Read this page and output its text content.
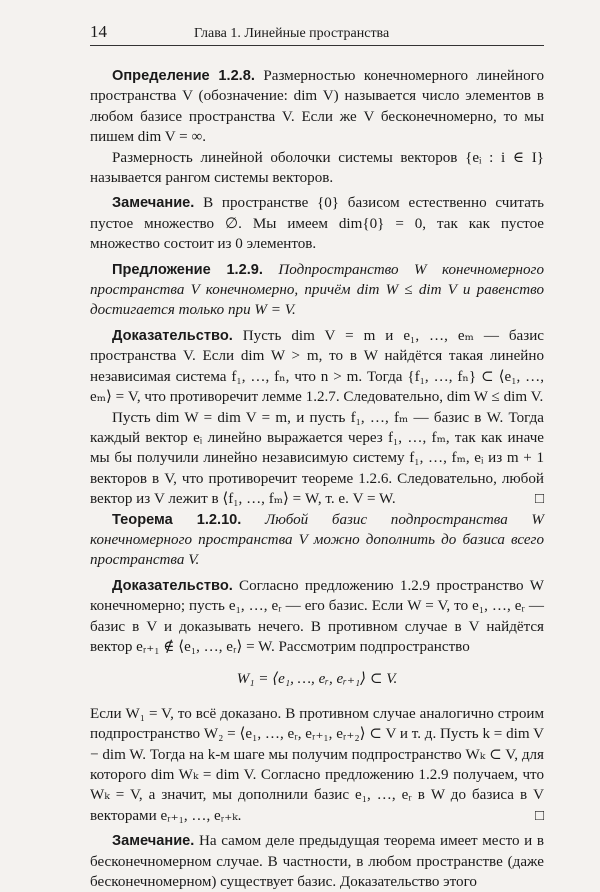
14	Глава 1. Линейные пространства

Определение 1.2.8. Размерностью конечномерного линейного пространства V (обозначение: dim V) называется число элементов в любом базисе пространства V. Если же V бесконечномерно, то мы пишем dim V = ∞.

Размерность линейной оболочки системы векторов {eᵢ : i ∈ I} называется рангом системы векторов.

Замечание. В пространстве {0} базисом естественно считать пустое множество ∅. Мы имеем dim{0} = 0, так как пустое множество состоит из 0 элементов.

Предложение 1.2.9. Подпространство W конечномерного пространства V конечномерно, причём dim W ≤ dim V и равенство достигается только при W = V.

Доказательство. Пусть dim V = m и e₁, …, eₘ — базис пространства V. Если dim W > m, то в W найдётся такая линейно независимая система f₁, …, fₙ, что n > m. Тогда {f₁, …, fₙ} ⊂ ⟨e₁, …, eₘ⟩ = V, что противоречит лемме 1.2.7. Следовательно, dim W ≤ dim V.

Пусть dim W = dim V = m, и пусть f₁, …, fₘ — базис в W. Тогда каждый вектор eᵢ линейно выражается через f₁, …, fₘ, так как иначе мы бы получили линейно независимую систему f₁, …, fₘ, eᵢ из m + 1 векторов в V, что противоречит теореме 1.2.6. Следовательно, любой вектор из V лежит в ⟨f₁, …, fₘ⟩ = W, т. е. V = W.	□

Теорема 1.2.10. Любой базис подпространства W конечномерного пространства V можно дополнить до базиса всего пространства V.

Доказательство. Согласно предложению 1.2.9 пространство W конечномерно; пусть e₁, …, eᵣ — его базис. Если W = V, то e₁, …, eᵣ — базис в V и доказывать нечего. В противном случае в V найдётся вектор eᵣ₊₁ ∉ ⟨e₁, …, eᵣ⟩ = W. Рассмотрим подпространство

W₁ = ⟨e₁, …, eᵣ, eᵣ₊₁⟩ ⊂ V.

Если W₁ = V, то всё доказано. В противном случае аналогично строим подпространство W₂ = ⟨e₁, …, eᵣ, eᵣ₊₁, eᵣ₊₂⟩ ⊂ V и т. д. Пусть k = dim V − dim W. Тогда на k-м шаге мы получим подпространство Wₖ ⊂ V, для которого dim Wₖ = dim V. Согласно предложению 1.2.9 получаем, что Wₖ = V, а значит, мы дополнили базис e₁, …, eᵣ в W до базиса в V векторами eᵣ₊₁, …, eᵣ₊ₖ.	□

Замечание. На самом деле предыдущая теорема имеет место и в бесконечномерном случае. В частности, в любом пространстве (даже бесконечномерном) существует базис. Доказательство этого
